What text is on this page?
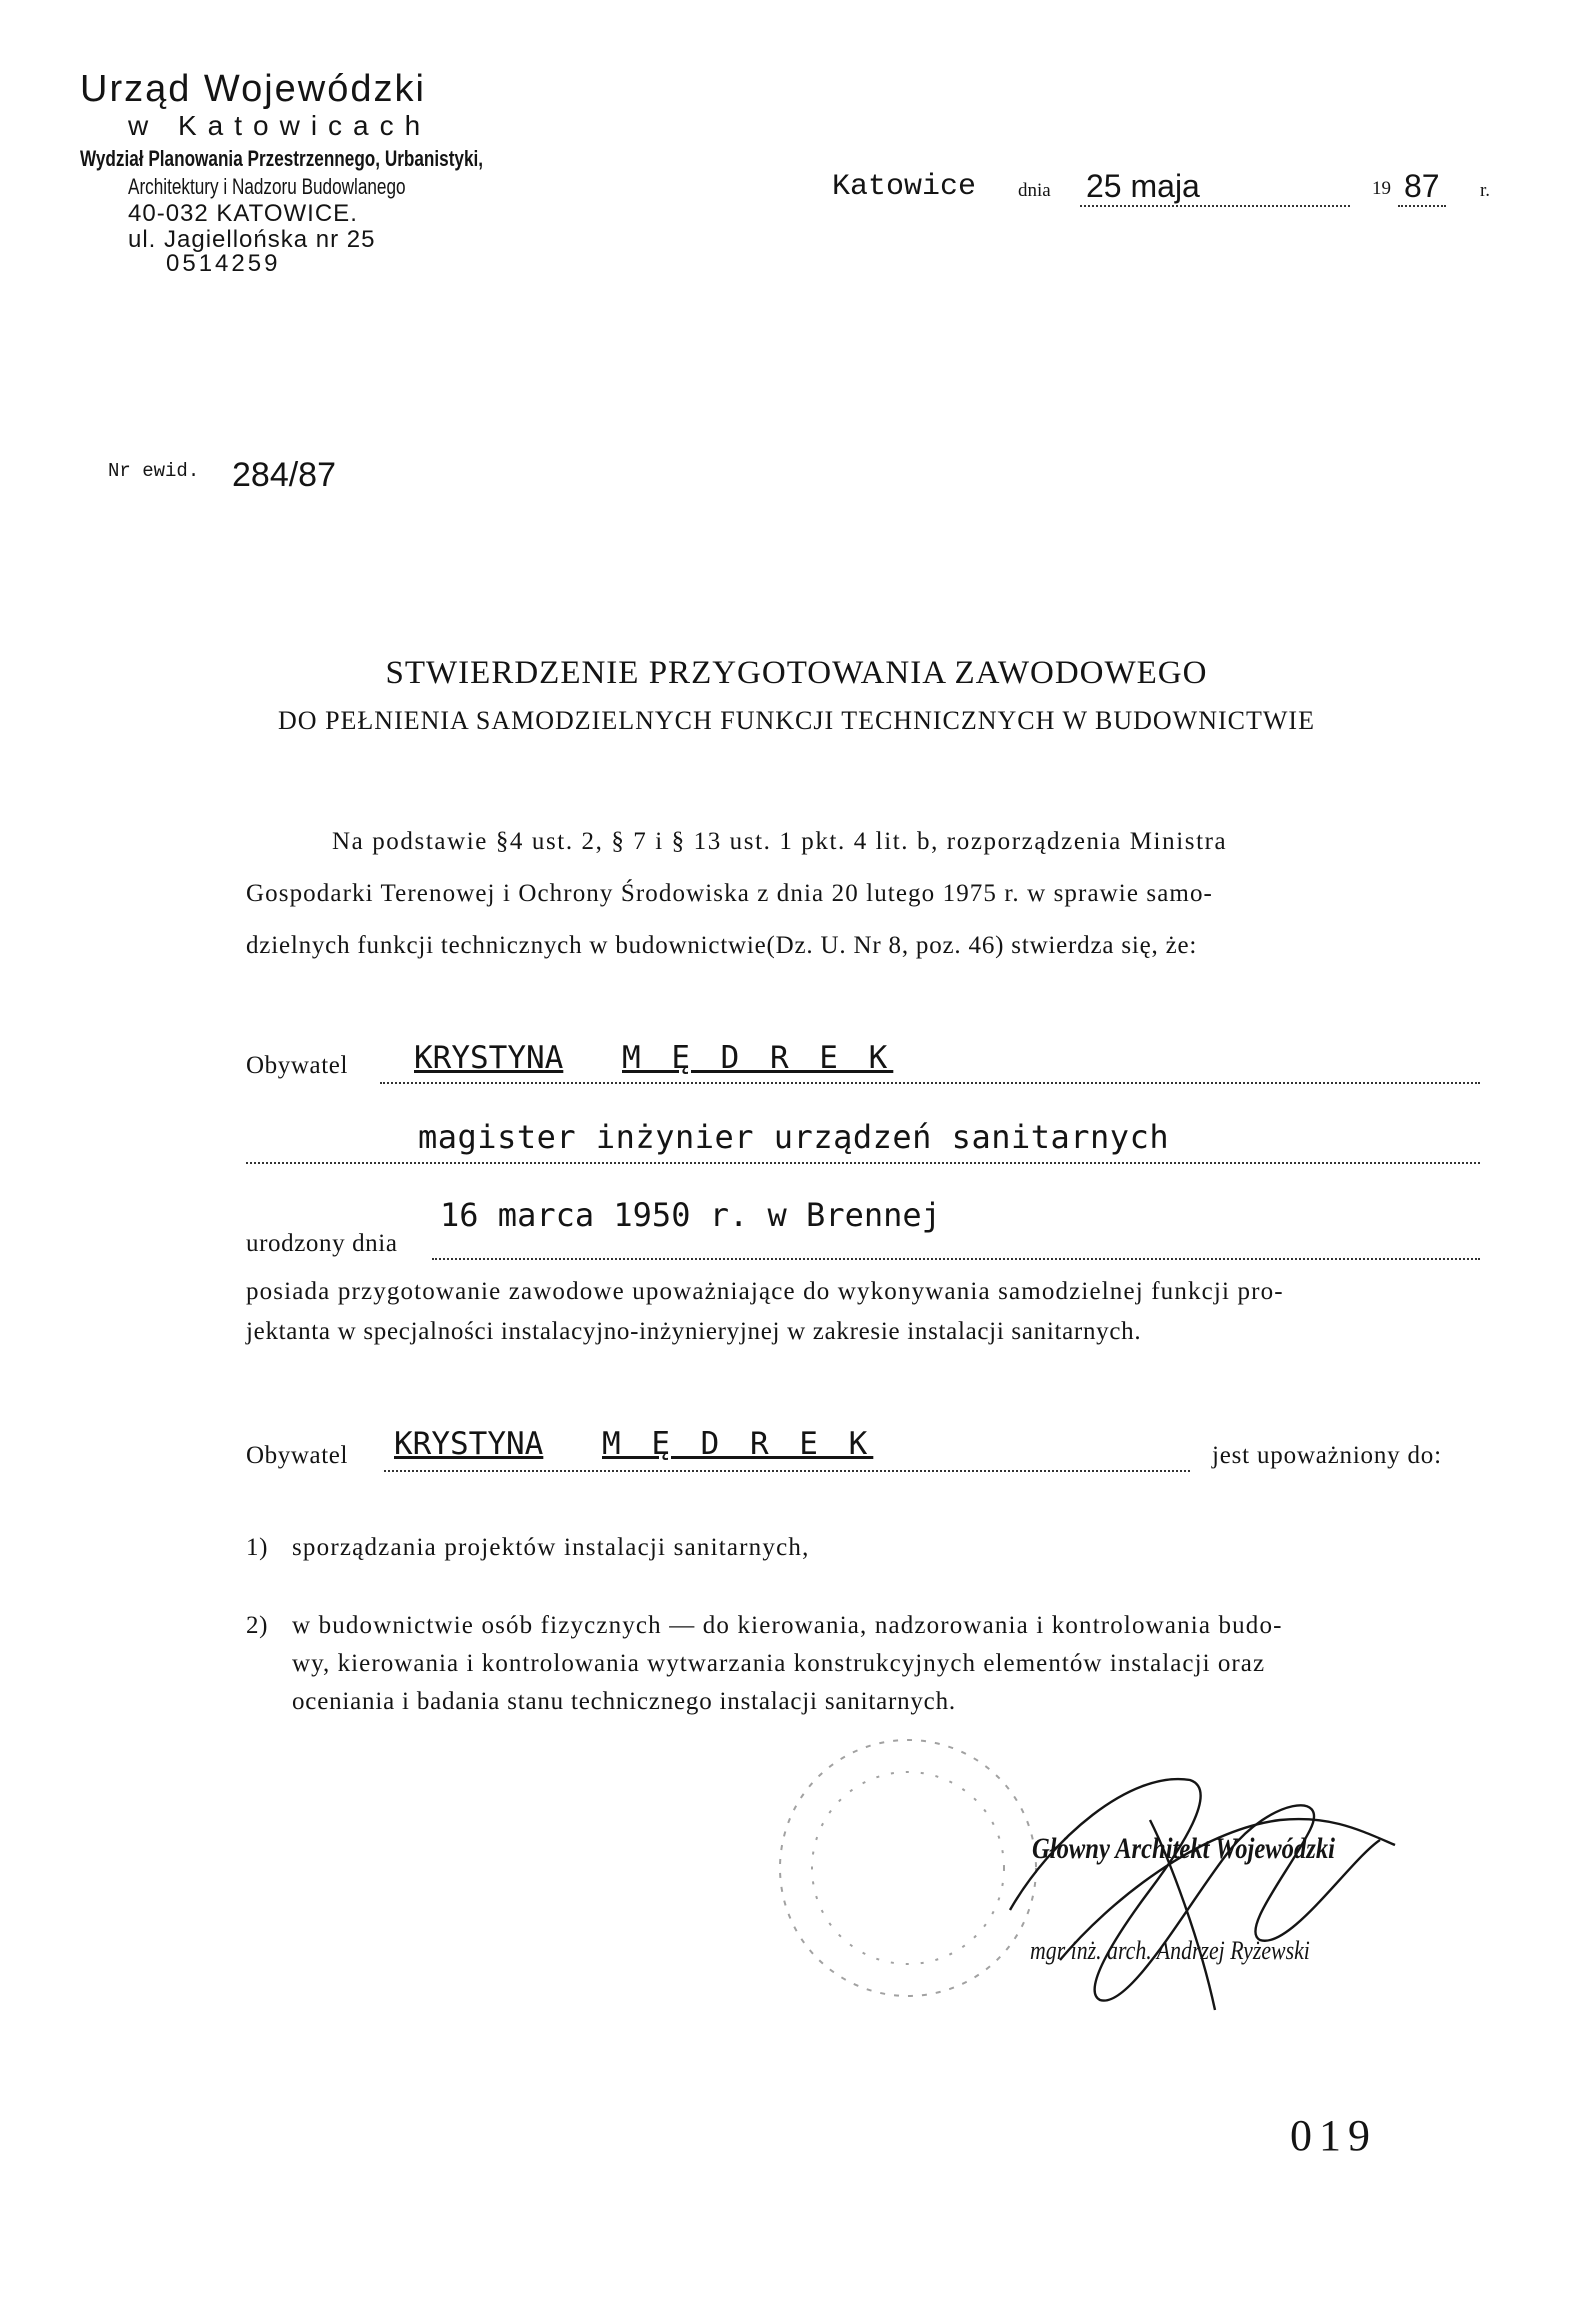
Urząd Wojewódzki
w Katowicach
Wydział Planowania Przestrzennego, Urbanistyki,
Architektury i Nadzoru Budowlanego
40-032 KATOWICE.
ul. Jagiellońska nr 25
0514259
Katowice dnia 25 maja	19 87 r.
Nr ewid. 284/87
STWIERDZENIE PRZYGOTOWANIA ZAWODOWEGO
DO PEŁNIENIA SAMODZIELNYCH FUNKCJI TECHNICZNYCH W BUDOWNICTWIE
Na podstawie §4 ust. 2, § 7 i § 13 ust. 1 pkt. 4 lit. b, rozporządzenia Ministra
Gospodarki Terenowej i Ochrony Środowiska z dnia 20 lutego 1975 r. w sprawie samo-
dzielnych funkcji technicznych w budownictwie(Dz. U. Nr 8, poz. 46) stwierdza się, że:
Obywatel KRYSTYNA M Ę D R E K
magister inżynier urządzeń sanitarnych
16 marca 1950 r. w Brennej
urodzony dnia
posiada przygotowanie zawodowe upoważniające do wykonywania samodzielnej funkcji pro-
jektanta w specjalności instalacyjno-inżynieryjnej w zakresie instalacji sanitarnych.
Obywatel KRYSTYNA M Ę D R E K	jest upoważniony do:
1) sporządzania projektów instalacji sanitarnych,
2) w budownictwie osób fizycznych — do kierowania, nadzorowania i kontrolowania budo-
wy, kierowania i kontrolowania wytwarzania konstrukcyjnych elementów instalacji oraz
oceniania i badania stanu technicznego instalacji sanitarnych.
Główny Architekt Wojewódzki
mgr inż. arch. Andrzej Ryżewski
019
